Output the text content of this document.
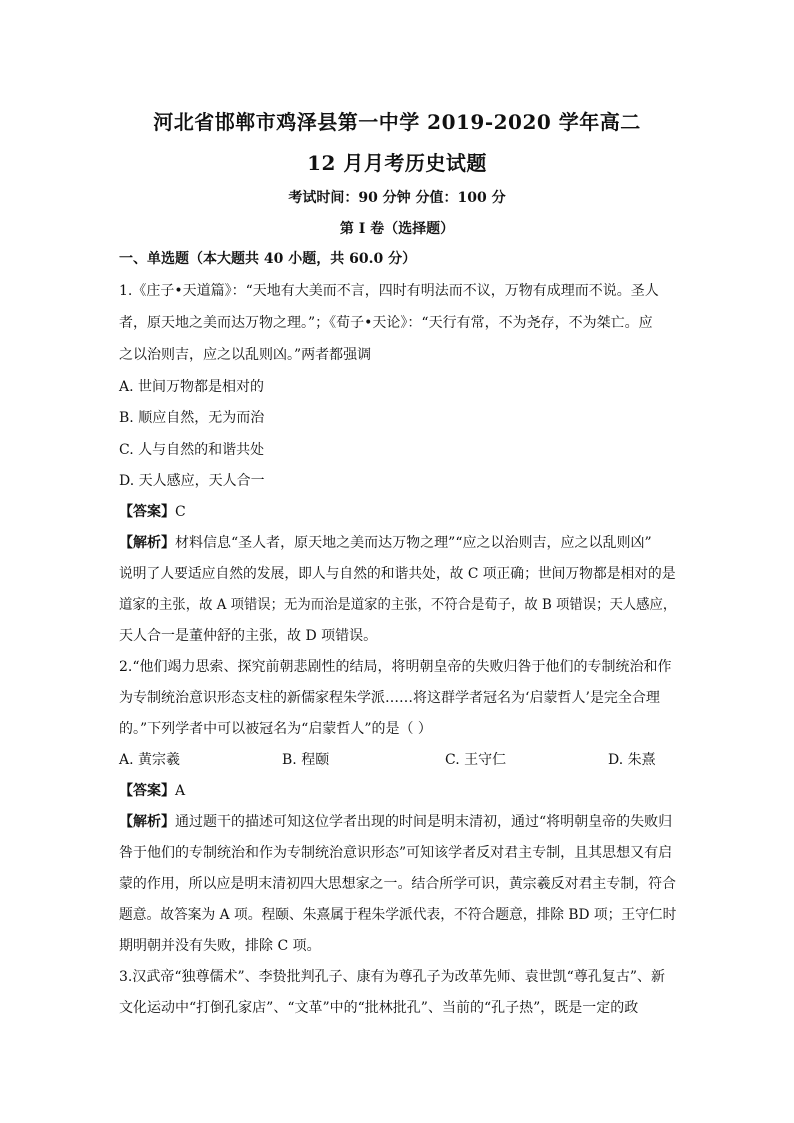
河北省邯郸市鸡泽县第一中学 2019-2020 学年高二
12 月月考历史试题
考试时间：90 分钟 分值：100 分
第 I 卷（选择题）
一、单选题（本大题共 40 小题，共 60.0 分）
1.《庄子•天道篇》：“天地有大美而不言，四时有明法而不议，万物有成理而不说。圣人
者，原天地之美而达万物之理。”；《荀子•天论》：“天行有常，不为尧存，不为桀亡。应
之以治则吉，应之以乱则凶。”两者都强调
A. 世间万物都是相对的
B. 顺应自然，无为而治
C. 人与自然的和谐共处
D. 天人感应，天人合一
【答案】C
【解析】材料信息“圣人者，原天地之美而达万物之理”“应之以治则吉，应之以乱则凶”
说明了人要适应自然的发展，即人与自然的和谐共处，故 C 项正确；世间万物都是相对的是
道家的主张，故 A 项错误；无为而治是道家的主张，不符合是荀子，故 B 项错误；天人感应，
天人合一是董仲舒的主张，故 D 项错误。
2.“他们竭力思索、探究前朝悲剧性的结局，将明朝皇帝的失败归咎于他们的专制统治和作
为专制统治意识形态支柱的新儒家程朱学派……将这群学者冠名为‘启蒙哲人’是完全合理
的。”下列学者中可以被冠名为“启蒙哲人”的是（ ）
A. 黄宗羲	B. 程颐	C. 王守仁	D. 朱熹
【答案】A
【解析】通过题干的描述可知这位学者出现的时间是明末清初，通过“将明朝皇帝的失败归
咎于他们的专制统治和作为专制统治意识形态”可知该学者反对君主专制，且其思想又有启
蒙的作用，所以应是明末清初四大思想家之一。结合所学可识，黄宗羲反对君主专制，符合
题意。故答案为 A 项。程颐、朱熹属于程朱学派代表，不符合题意，排除 BD 项；王守仁时
期明朝并没有失败，排除 C 项。
3.汉武帝“独尊儒术”、李贽批判孔子、康有为尊孔子为改革先师、袁世凯“尊孔复古”、新
文化运动中“打倒孔家店”、“文革”中的“批林批孔”、当前的“孔子热”，既是一定的政
